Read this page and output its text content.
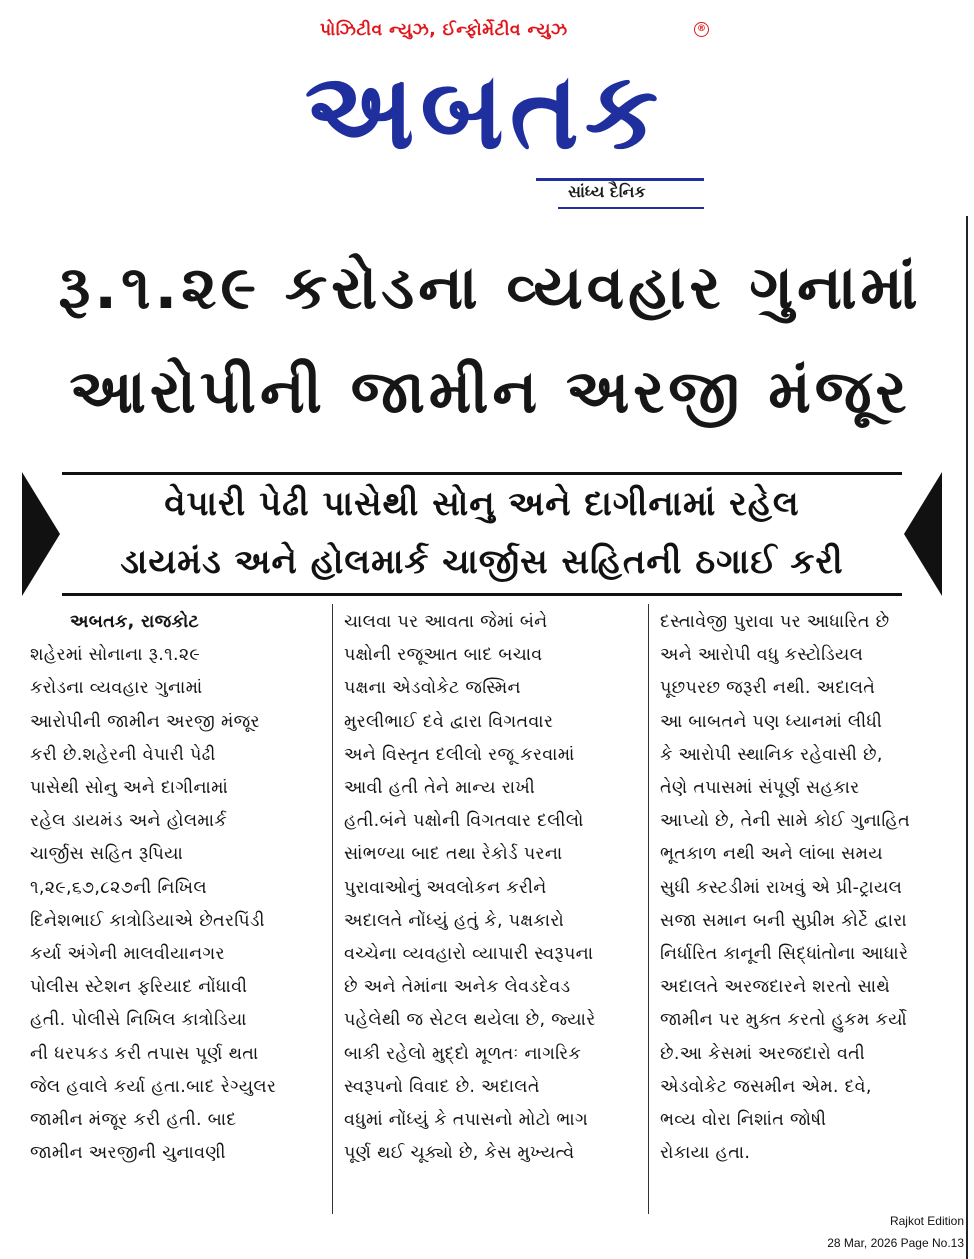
પોઝિટીવ ન્યુઝ, ઈન્ફોર્મેટીવ ન્યુઝ	®
અબતક
સાંધ્ય દૈનિક
રૂ.૧.૨૯ કરોડના વ્યવહાર ગુનામાં
આરોપીની જામીન અરજી મંજૂર
વેપારી પેઢી પાસેથી સોનુ અને દાગીનામાં રહેલ
ડાયમંડ અને હોલમાર્ક ચાર્જીસ સહિતની ઠગાઈ કરી
અબતક, રાજકોટ
શહેરમાં સોનાના રૂ.૧.૨૯
કરોડના વ્યવહાર ગુનામાં
આરોપીની જામીન અરજી મંજૂર
કરી છે.શહેરની વેપારી પેઢી
પાસેથી સોનુ અને દાગીનામાં
રહેલ ડાયમંડ અને હોલમાર્ક
ચાર્જીસ સહિત રૂપિયા
૧,૨૯,૬૭,૮૨૭ની નિખિલ
દિનેશભાઈ કાત્રોડિયાએ છેતરપિંડી
કર્યા અંગેની માલવીયાનગર
પોલીસ સ્ટેશન ફરિયાદ નોંધાવી
હતી. પોલીસે નિખિલ કાત્રોડિયા
ની ધરપકડ કરી તપાસ પૂર્ણ થતા
જેલ હવાલે કર્યા હતા.બાદ રેગ્યુલર
જામીન મંજૂર કરી હતી. બાદ
જામીન અરજીની ચુનાવણી
ચાલવા પર આવતા જેમાં બંને
પક્ષોની રજૂઆત બાદ બચાવ
પક્ષના એડવોકેટ જસ્મિન
મુરલીભાઈ દવે દ્વારા વિગતવાર
અને વિસ્તૃત દલીલો રજૂ કરવામાં
આવી હતી તેને માન્ય રાખી
હતી.બંને પક્ષોની વિગતવાર દલીલો
સાંભળ્યા બાદ તથા રેકોર્ડ પરના
પુરાવાઓનું અવલોકન કરીને
અદાલતે નોંધ્યું હતું કે, પક્ષકારો
વચ્ચેના વ્યવહારો વ્યાપારી સ્વરૂપના
છે અને તેમાંના અનેક લેવડદેવડ
પહેલેથી જ સેટલ થયેલા છે, જ્યારે
બાકી રહેલો મુદ્દો મૂળતઃ નાગરિક
સ્વરૂપનો વિવાદ છે. અદાલતે
વધુમાં નોંધ્યું કે તપાસનો મોટો ભાગ
પૂર્ણ થઈ ચૂક્યો છે, કેસ મુખ્યત્વે
દસ્તાવેજી પુરાવા પર આધારિત છે
અને આરોપી વધુ કસ્ટોડિયલ
પૂછપરછ જરૂરી નથી. અદાલતે
આ બાબતને પણ ધ્યાનમાં લીધી
કે આરોપી સ્થાનિક રહેવાસી છે,
તેણે તપાસમાં સંપૂર્ણ સહકાર
આપ્યો છે, તેની સામે કોઈ ગુનાહિત
ભૂતકાળ નથી અને લાંબા સમય
સુધી કસ્ટડીમાં રાખવું એ પ્રી-ટ્રાયલ
સજા સમાન બની સુપ્રીમ કોર્ટે દ્વારા
નિર્ધારિત કાનૂની સિદ્ધાંતોના આધારે
અદાલતે અરજદારને શરતો સાથે
જામીન પર મુક્ત કરતો હુકમ કર્યો
છે.આ કેસમાં અરજદારો વતી
એડવોકેટ જસમીન એમ. દવે,
ભવ્ય વોરા નિશાંત જોષી
રોકાયા હતા.
Rajkot Edition
28 Mar, 2026 Page No.13
